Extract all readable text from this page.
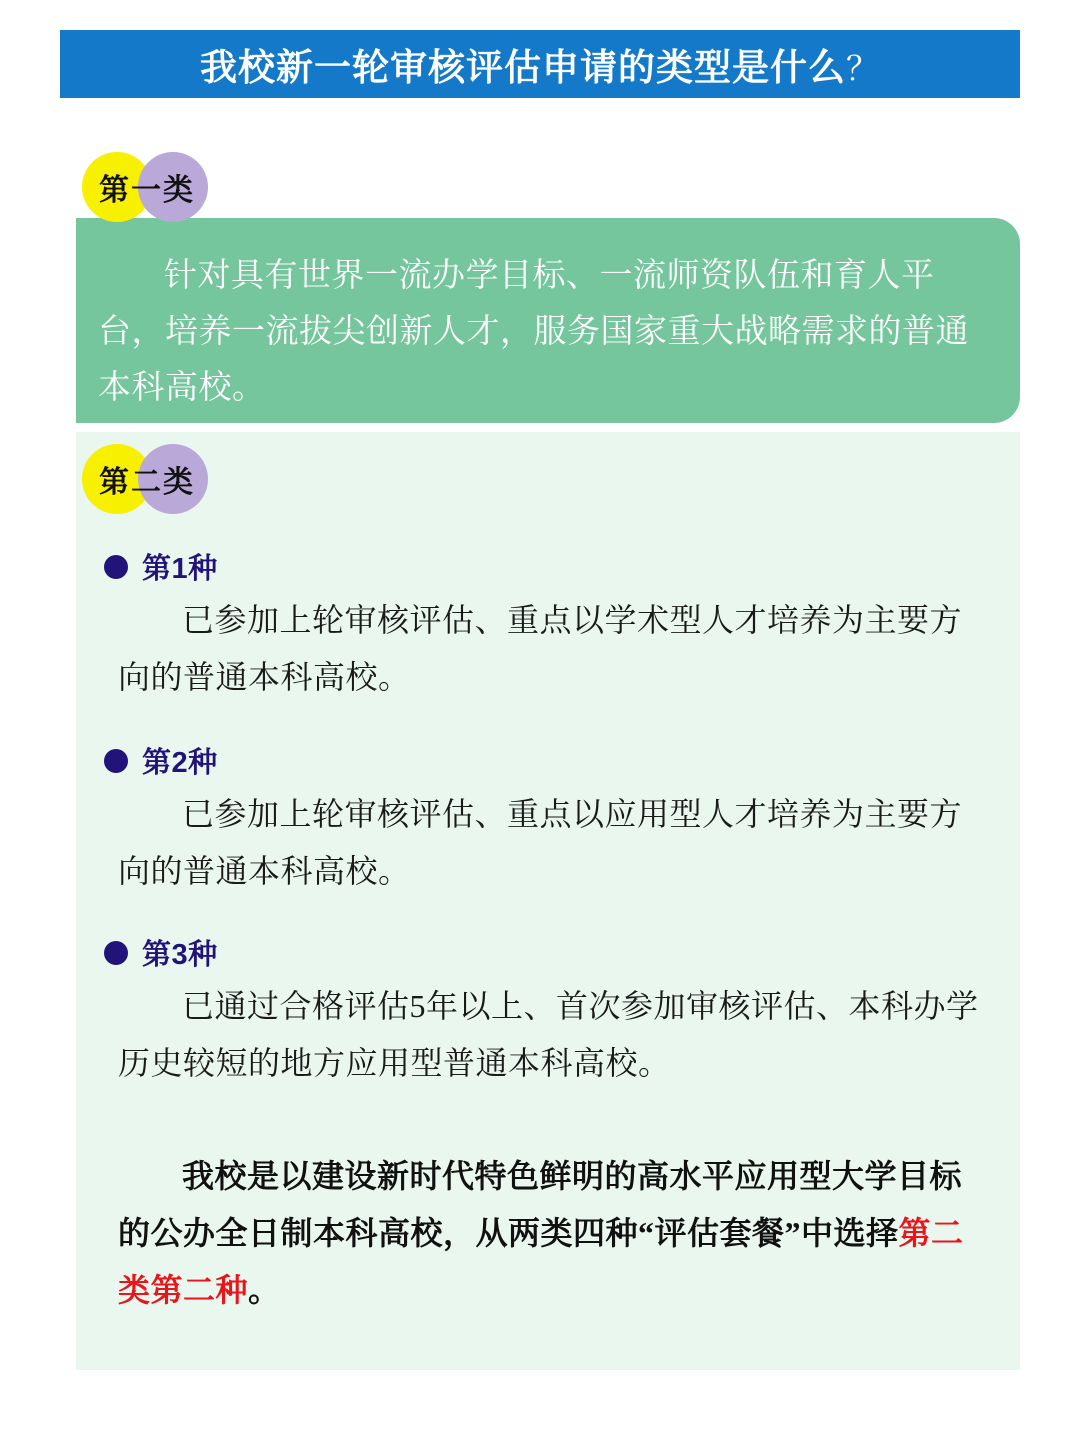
我校新一轮审核评估申请的类型是什么？
针对具有世界一流办学目标、一流师资队伍和育人平台，培养一流拔尖创新人才，服务国家重大战略需求的普通本科高校。
第一类
第二类
第1种
已参加上轮审核评估、重点以学术型人才培养为主要方向的普通本科高校。
第2种
已参加上轮审核评估、重点以应用型人才培养为主要方向的普通本科高校。
第3种
已通过合格评估5年以上、首次参加审核评估、本科办学历史较短的地方应用型普通本科高校。
我校是以建设新时代特色鲜明的高水平应用型大学目标的公办全日制本科高校，从两类四种“评估套餐”中选择第二类第二种。
